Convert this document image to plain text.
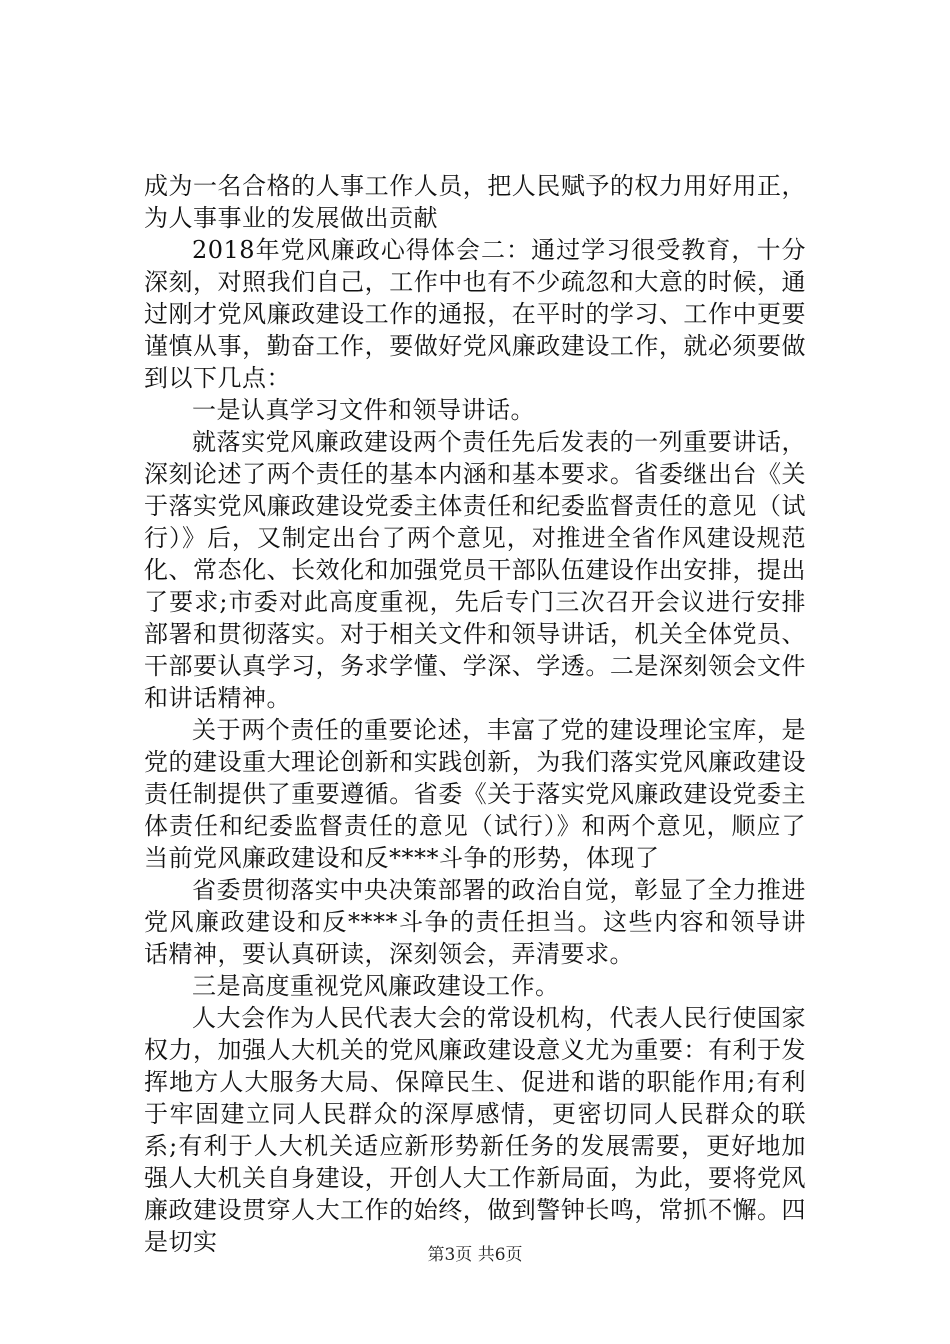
成为一名合格的人事工作人员，把人民赋予的权力用好用正，为人事事业的发展做出贡献

2018年党风廉政心得体会二：通过学习很受教育，十分深刻，对照我们自己，工作中也有不少疏忽和大意的时候，通过刚才党风廉政建设工作的通报，在平时的学习、工作中更要谨慎从事，勤奋工作，要做好党风廉政建设工作，就必须要做到以下几点：

一是认真学习文件和领导讲话。

就落实党风廉政建设两个责任先后发表的一列重要讲话，深刻论述了两个责任的基本内涵和基本要求。省委继出台《关于落实党风廉政建设党委主体责任和纪委监督责任的意见（试行）》后，又制定出台了两个意见，对推进全省作风建设规范化、常态化、长效化和加强党员干部队伍建设作出安排，提出了要求;市委对此高度重视，先后专门三次召开会议进行安排部署和贯彻落实。对于相关文件和领导讲话，机关全体党员、干部要认真学习，务求学懂、学深、学透。二是深刻领会文件和讲话精神。

关于两个责任的重要论述，丰富了党的建设理论宝库，是党的建设重大理论创新和实践创新，为我们落实党风廉政建设责任制提供了重要遵循。省委《关于落实党风廉政建设党委主体责任和纪委监督责任的意见（试行）》和两个意见，顺应了当前党风廉政建设和反****斗争的形势，体现了

省委贯彻落实中央决策部署的政治自觉，彰显了全力推进党风廉政建设和反****斗争的责任担当。这些内容和领导讲话精神，要认真研读，深刻领会，弄清要求。

三是高度重视党风廉政建设工作。

人大会作为人民代表大会的常设机构，代表人民行使国家权力，加强人大机关的党风廉政建设意义尤为重要：有利于发挥地方人大服务大局、保障民生、促进和谐的职能作用;有利于牢固建立同人民群众的深厚感情，更密切同人民群众的联系;有利于人大机关适应新形势新任务的发展需要，更好地加强人大机关自身建设，开创人大工作新局面，为此，要将党风廉政建设贯穿人大工作的始终，做到警钟长鸣，常抓不懈。四是切实	第3页 共6页
